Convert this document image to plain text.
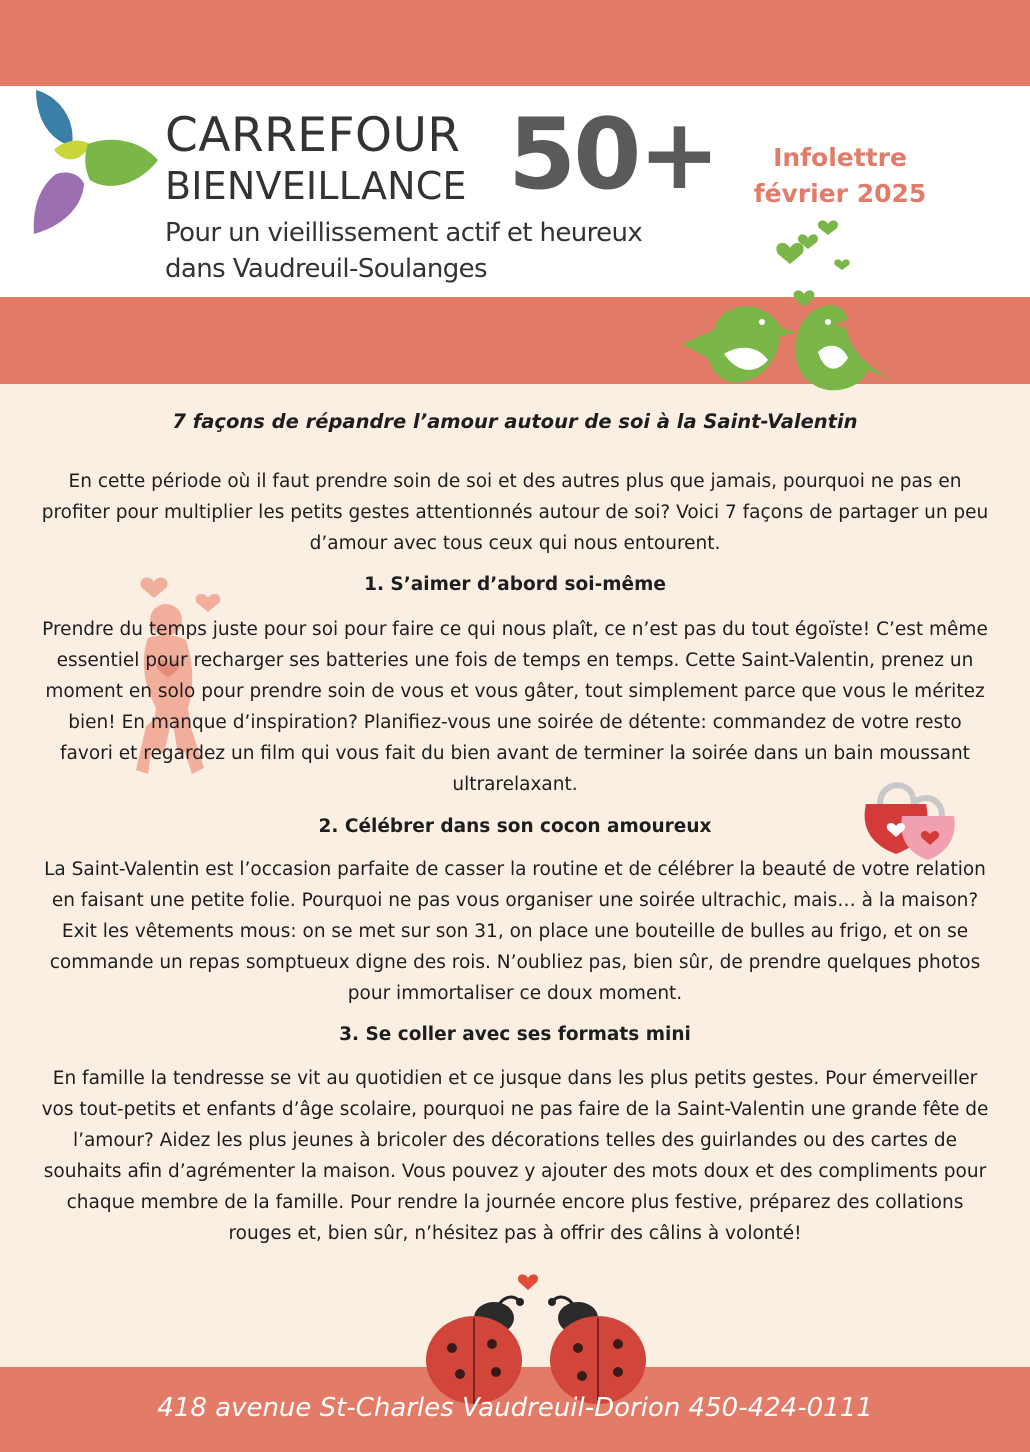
CARREFOUR
BIENVEILLANCE 50+
Pour un vieillissement actif et heureux
dans Vaudreuil-Soulanges
Infolettre
février 2025
7 façons de répandre l’amour autour de soi à la Saint-Valentin

En cette période où il faut prendre soin de soi et des autres plus que jamais, pourquoi ne pas en profiter pour multiplier les petits gestes attentionnés autour de soi? Voici 7 façons de partager un peu d’amour avec tous ceux qui nous entourent.

1. S’aimer d’abord soi-même

Prendre du temps juste pour soi pour faire ce qui nous plaît, ce n’est pas du tout égoïste! C’est même essentiel pour recharger ses batteries une fois de temps en temps. Cette Saint-Valentin, prenez un moment en solo pour prendre soin de vous et vous gâter, tout simplement parce que vous le méritez bien! En manque d’inspiration? Planifiez-vous une soirée de détente: commandez de votre resto favori et regardez un film qui vous fait du bien avant de terminer la soirée dans un bain moussant ultrarelaxant.

2. Célébrer dans son cocon amoureux

La Saint-Valentin est l’occasion parfaite de casser la routine et de célébrer la beauté de votre relation en faisant une petite folie. Pourquoi ne pas vous organiser une soirée ultrachic, mais… à la maison? Exit les vêtements mous: on se met sur son 31, on place une bouteille de bulles au frigo, et on se commande un repas somptueux digne des rois. N’oubliez pas, bien sûr, de prendre quelques photos pour immortaliser ce doux moment.

3. Se coller avec ses formats mini

En famille la tendresse se vit au quotidien et ce jusque dans les plus petits gestes. Pour émerveiller vos tout-petits et enfants d’âge scolaire, pourquoi ne pas faire de la Saint-Valentin une grande fête de l’amour? Aidez les plus jeunes à bricoler des décorations telles des guirlandes ou des cartes de souhaits afin d’agrémenter la maison. Vous pouvez y ajouter des mots doux et des compliments pour chaque membre de la famille. Pour rendre la journée encore plus festive, préparez des collations rouges et, bien sûr, n’hésitez pas à offrir des câlins à volonté!

418 avenue St-Charles Vaudreuil-Dorion 450-424-0111
